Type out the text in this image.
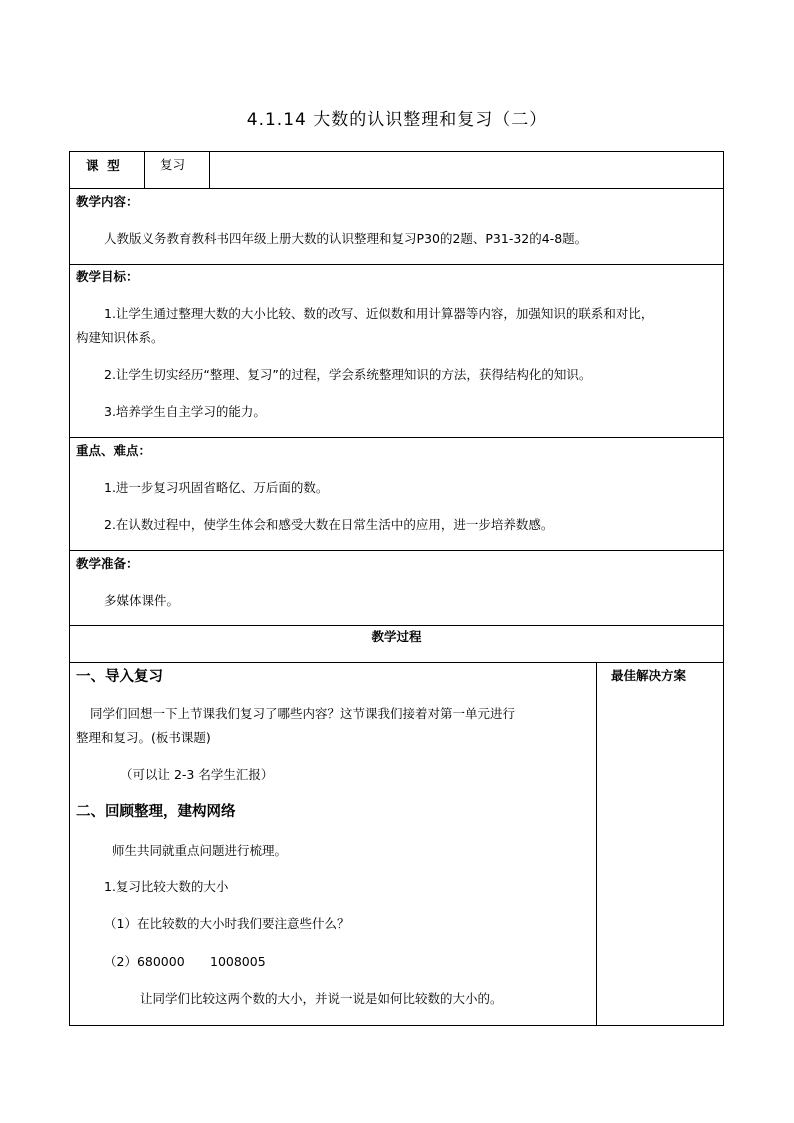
4.1.14 大数的认识整理和复习（二）
课  型	复习
教学内容：
人教版义务教育教科书四年级上册大数的认识整理和复习P30的2题、P31-32的4-8题。
教学目标：
1.让学生通过整理大数的大小比较、数的改写、近似数和用计算器等内容，加强知识的联系和对比，
构建知识体系。
2.让学生切实经历“整理、复习”的过程，学会系统整理知识的方法，获得结构化的知识。
3.培养学生自主学习的能力。
重点、难点：
1.进一步复习巩固省略亿、万后面的数。
2.在认数过程中，使学生体会和感受大数在日常生活中的应用，进一步培养数感。
教学准备：
多媒体课件。
教学过程
一、导入复习
同学们回想一下上节课我们复习了哪些内容？这节课我们接着对第一单元进行
整理和复习。(板书课题)
（可以让 2-3 名学生汇报）
二、回顾整理，建构网络
师生共同就重点问题进行梳理。
1.复习比较大数的大小
（1）在比较数的大小时我们要注意些什么？
（2）680000 1008005
让同学们比较这两个数的大小，并说一说是如何比较数的大小的。
最佳解决方案
